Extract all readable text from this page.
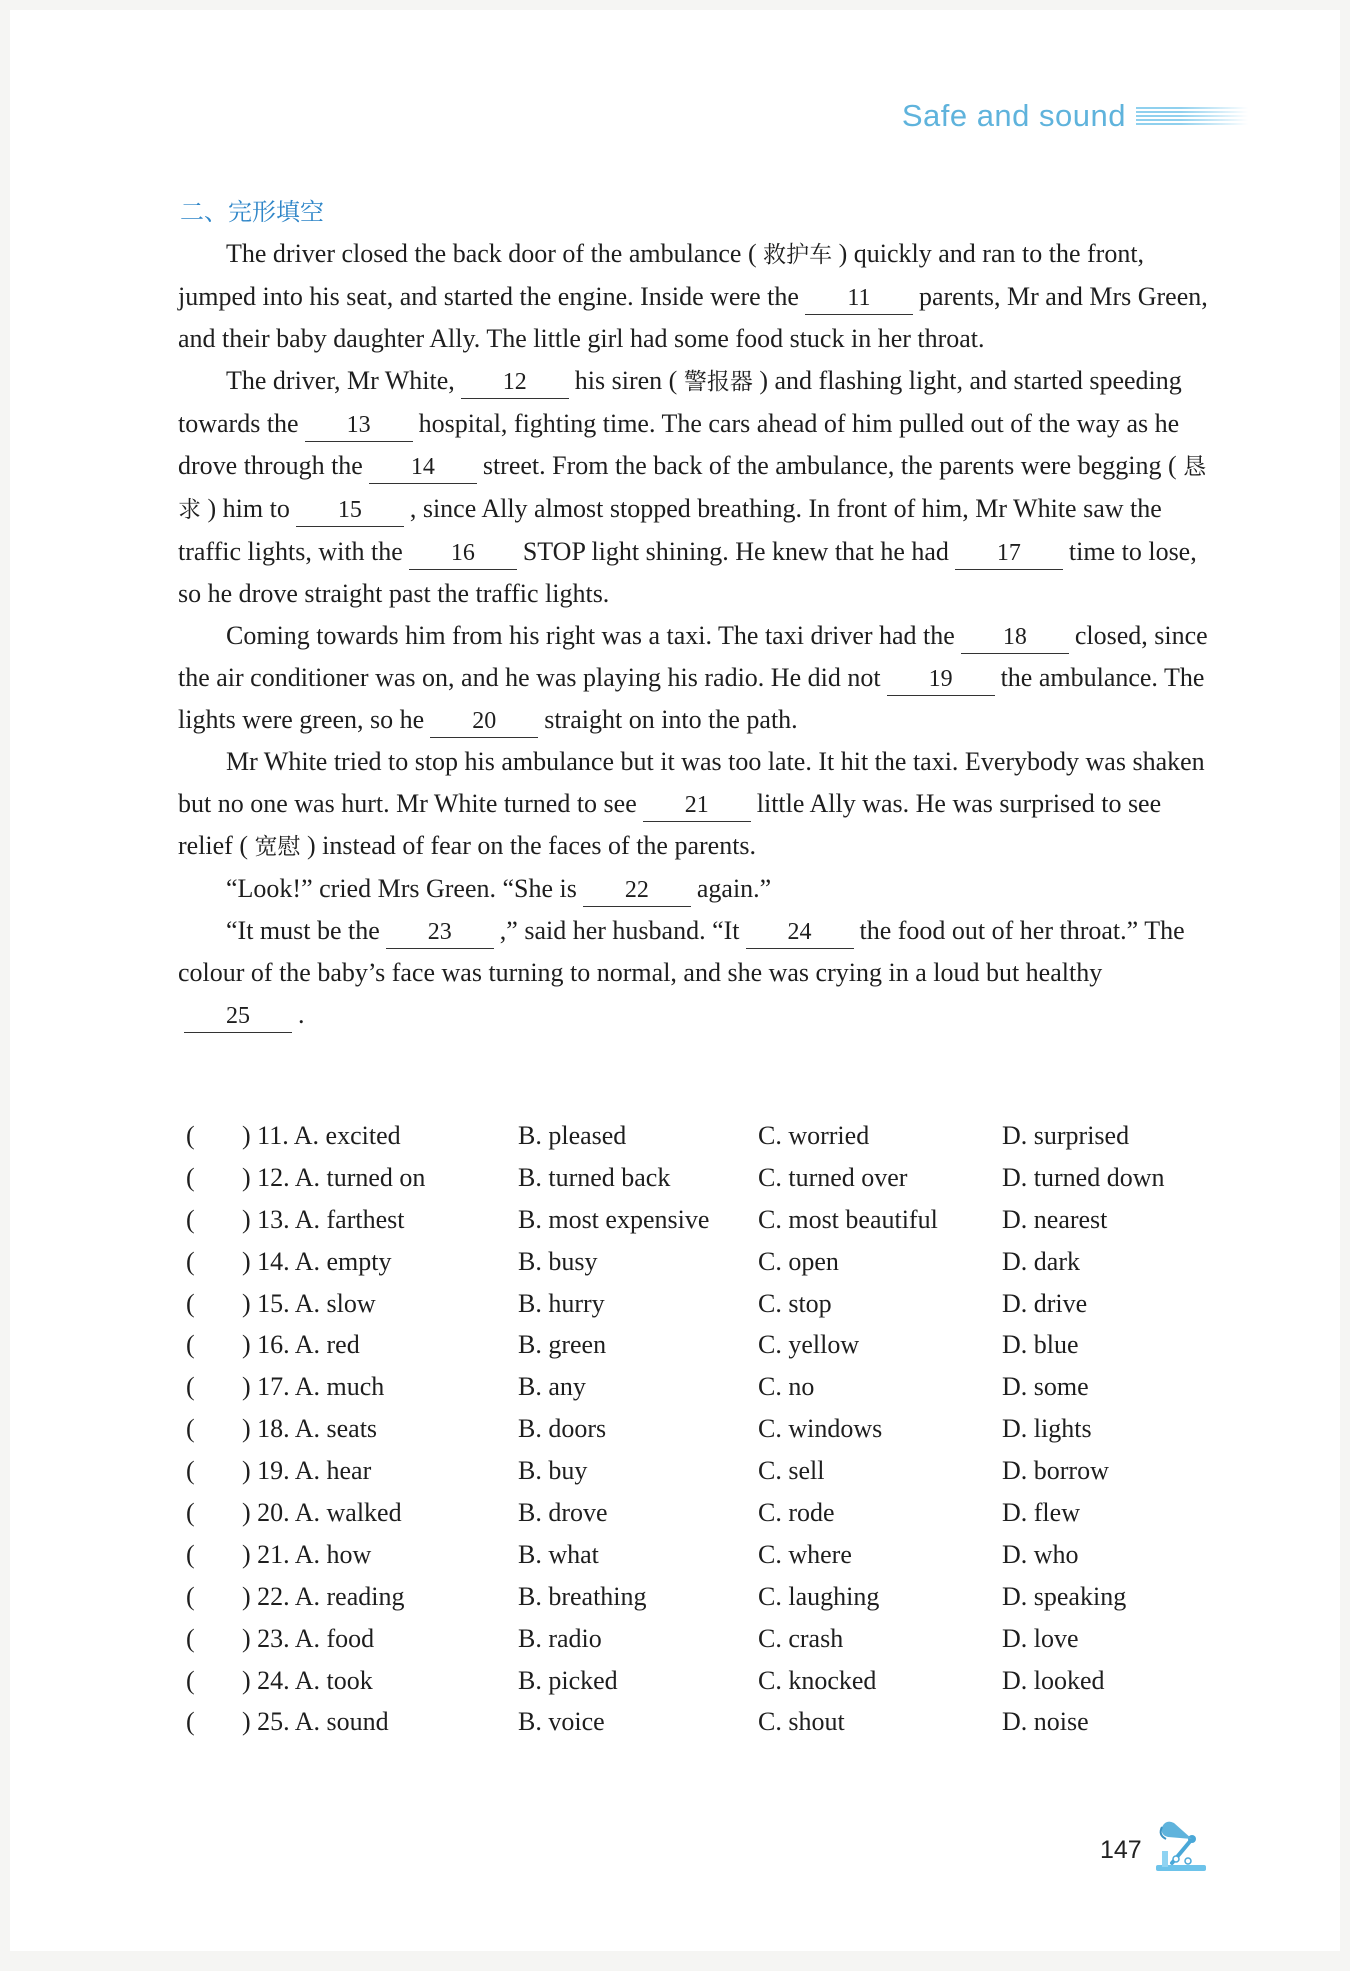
Safe and sound
二、完形填空

The driver closed the back door of the ambulance ( 救护车 ) quickly and ran to the front, jumped into his seat, and started the engine. Inside were the 11 parents, Mr and Mrs Green, and their baby daughter Ally. The little girl had some food stuck in her throat.

The driver, Mr White, 12 his siren ( 警报器 ) and flashing light, and started speeding towards the 13 hospital, fighting time. The cars ahead of him pulled out of the way as he drove through the 14 street. From the back of the ambulance, the parents were begging ( 恳求 ) him to 15 , since Ally almost stopped breathing. In front of him, Mr White saw the traffic lights, with the 16 STOP light shining. He knew that he had 17 time to lose, so he drove straight past the traffic lights.

Coming towards him from his right was a taxi. The taxi driver had the 18 closed, since the air conditioner was on, and he was playing his radio. He did not 19 the ambulance. The lights were green, so he 20 straight on into the path.

Mr White tried to stop his ambulance but it was too late. It hit the taxi. Everybody was shaken but no one was hurt. Mr White turned to see 21 little Ally was. He was surprised to see relief ( 宽慰 ) instead of fear on the faces of the parents.

“Look!” cried Mrs Green. “She is 22 again.”

“It must be the 23 ,” said her husband. “It 24 the food out of her throat.” The colour of the baby’s face was turning to normal, and she was crying in a loud but healthy25 .

(	) 11. A. excited	B. pleased	C. worried	D. surprised
(	) 12. A. turned on	B. turned back	C. turned over	D. turned down
(	) 13. A. farthest	B. most expensive	C. most beautiful	D. nearest
(	) 14. A. empty	B. busy	C. open	D. dark
(	) 15. A. slow	B. hurry	C. stop	D. drive
(	) 16. A. red	B. green	C. yellow	D. blue
(	) 17. A. much	B. any	C. no	D. some
(	) 18. A. seats	B. doors	C. windows	D. lights
(	) 19. A. hear	B. buy	C. sell	D. borrow
(	) 20. A. walked	B. drove	C. rode	D. flew
(	) 21. A. how	B. what	C. where	D. who
(	) 22. A. reading	B. breathing	C. laughing	D. speaking
(	) 23. A. food	B. radio	C. crash	D. love
(	) 24. A. took	B. picked	C. knocked	D. looked
(	) 25. A. sound	B. voice	C. shout	D. noise
147
